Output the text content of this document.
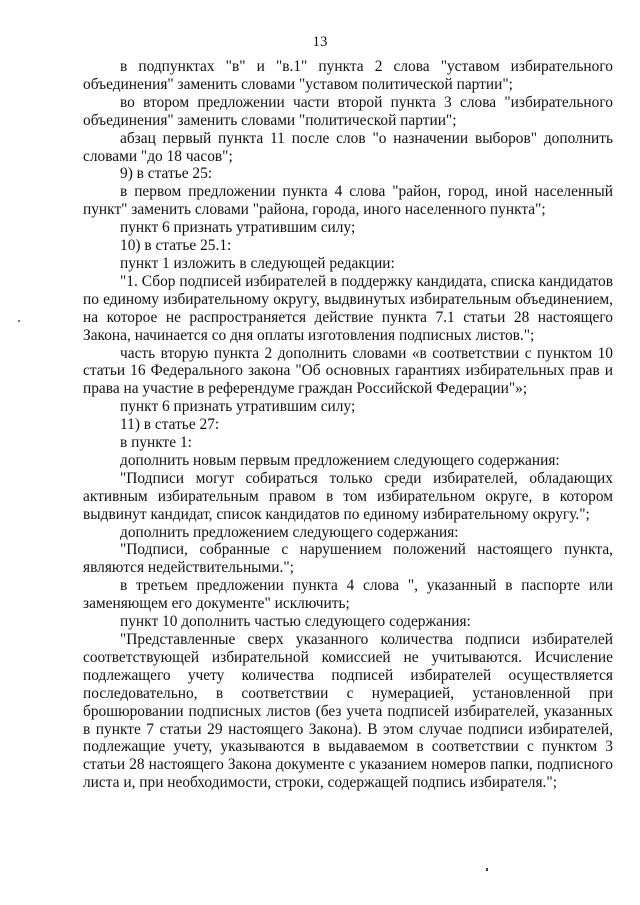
13

в подпунктах "в" и "в.1" пункта 2 слова "уставом избирательного объединения" заменить словами "уставом политической партии";

во втором предложении части второй пункта 3 слова "избирательного объединения" заменить словами "политической партии";

абзац первый пункта 11 после слов "о назначении выборов" дополнить словами "до 18 часов";

9) в статье 25:

в первом предложении пункта 4 слова "район, город, иной населенный пункт" заменить словами "района, города, иного населенного пункта";

пункт 6 признать утратившим силу;

10) в статье 25.1:

пункт 1 изложить в следующей редакции:

"1. Сбор подписей избирателей в поддержку кандидата, списка кандидатов по единому избирательному округу, выдвинутых избирательным объединением, на которое не распространяется действие пункта 7.1 статьи 28 настоящего Закона, начинается со дня оплаты изготовления подписных листов.";

часть вторую пункта 2 дополнить словами «в соответствии с пунктом 10 статьи 16 Федерального закона "Об основных гарантиях избирательных прав и права на участие в референдуме граждан Российской Федерации"»;

пункт 6 признать утратившим силу;

11) в статье 27:

в пункте 1:

дополнить новым первым предложением следующего содержания:

"Подписи могут собираться только среди избирателей, обладающих активным избирательным правом в том избирательном округе, в котором выдвинут кандидат, список кандидатов по единому избирательному округу.";

дополнить предложением следующего содержания:

"Подписи, собранные с нарушением положений настоящего пункта, являются недействительными.";

в третьем предложении пункта 4 слова ", указанный в паспорте или заменяющем его документе" исключить;

пункт 10 дополнить частью следующего содержания:

"Представленные сверх указанного количества подписи избирателей соответствующей избирательной комиссией не учитываются. Исчисление подлежащего учету количества подписей избирателей осуществляется последовательно, в соответствии с нумерацией, установленной при брошюровании подписных листов (без учета подписей избирателей, указанных в пункте 7 статьи 29 настоящего Закона). В этом случае подписи избирателей, подлежащие учету, указываются в выдаваемом в соответствии с пунктом 3 статьи 28 настоящего Закона документе с указанием номеров папки, подписного листа и, при необходимости, строки, содержащей подпись избирателя.";
